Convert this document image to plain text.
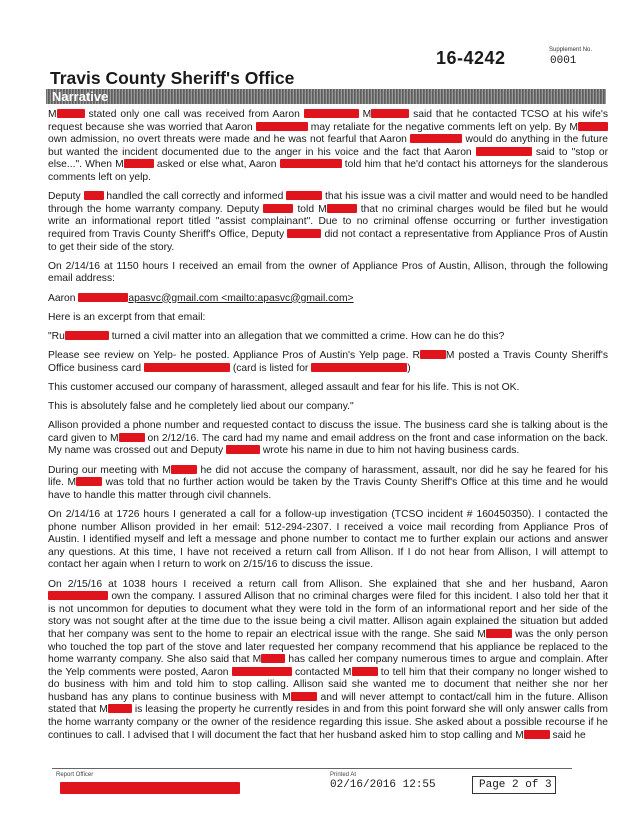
16-4242	Supplement No.
0001
Travis County Sheriff's Office
Narrative

M	stated only one call was received from Aaron	M	said that he contacted TCSO at his wife's request because she was worried that Aaron	may retaliate for the negative comments left on yelp. By M own admission, no overt threats were made and he was not fearful that Aaron	would do anything in the future but wanted the incident documented due to the anger in his voice and the fact that Aaron	said to "stop or else...". When M	asked or else what, Aaron	told him that he'd contact his attorneys for the slanderous comments left on yelp.

Deputy  handled the call correctly and informed	that his issue was a civil matter and would need to be handled through the home warranty company. Deputy	told M	that no criminal charges would be filed but he would write an informational report titled "assist complainant". Due to no criminal offense occurring or further investigation required from Travis County Sheriff's Office, Deputy	did not contact a representative from Appliance Pros of Austin to get their side of the story.

On 2/14/16 at 1150 hours I received an email from the owner of Appliance Pros of Austin, Allison, through the following email address:

Aaron	apasvc@gmail.com <mailto:apasvc@gmail.com>

Here is an excerpt from that email:

"Ru	turned a civil matter into an allegation that we committed a crime. How can he do this?

Please see review on Yelp- he posted. Appliance Pros of Austin's Yelp page. R	M posted a Travis County Sheriff's Office business card	(card is listed for	)

This customer accused our company of harassment, alleged assault and fear for his life. This is not OK.

This is absolutely false and he completely lied about our company."

Allison provided a phone number and requested contact to discuss the issue. The business card she is talking about is the card given to M	on 2/12/16. The card had my name and email address on the front and case information on the back. My name was crossed out and Deputy	wrote his name in due to him not having business cards.

During our meeting with M	he did not accuse the company of harassment, assault, nor did he say he feared for his life. M	was told that no further action would be taken by the Travis County Sheriff's Office at this time and he would have to handle this matter through civil channels.

On 2/14/16 at 1726 hours I generated a call for a follow-up investigation (TCSO incident # 160450350). I contacted the phone number Allison provided in her email: 512-294-2307. I received a voice mail recording from Appliance Pros of Austin. I identified myself and left a message and phone number to contact me to further explain our actions and answer any questions. At this time, I have not received a return call from Allison. If I do not hear from Allison, I will attempt to contact her again when I return to work on 2/15/16 to discuss the issue.

On 2/15/16 at 1038 hours I received a return call from Allison. She explained that she and her husband, Aaron  own the company. I assured Allison that no criminal charges were filed for this incident. I also told her that it is not uncommon for deputies to document what they were told in the form of an informational report and her side of the story was not sought after at the time due to the issue being a civil matter. Allison again explained the situation but added that her company was sent to the home to repair an electrical issue with the range. She said M	was the only person who touched the top part of the stove and later requested her company recommend that his appliance be replaced to the home warranty company. She also said that M has called her company numerous times to argue and complain. After the Yelp comments were posted, Aaron	contacted M	to tell him that their company no longer wished to do business with him and told him to stop calling. Allison said she wanted me to document that neither she nor her husband has any plans to continue business with M	and will never attempt to contact/call him in the future. Allison stated that M is leasing the property he currently resides in and from this point forward she will only answer calls from the home warranty company or the owner of the residence regarding this issue. She asked about a possible recourse if he continues to call. I advised that I will document the fact that her husband asked him to stop calling and M	said he

Report Officer	Printed At
02/16/2016 12:55	Page 2 of 3
